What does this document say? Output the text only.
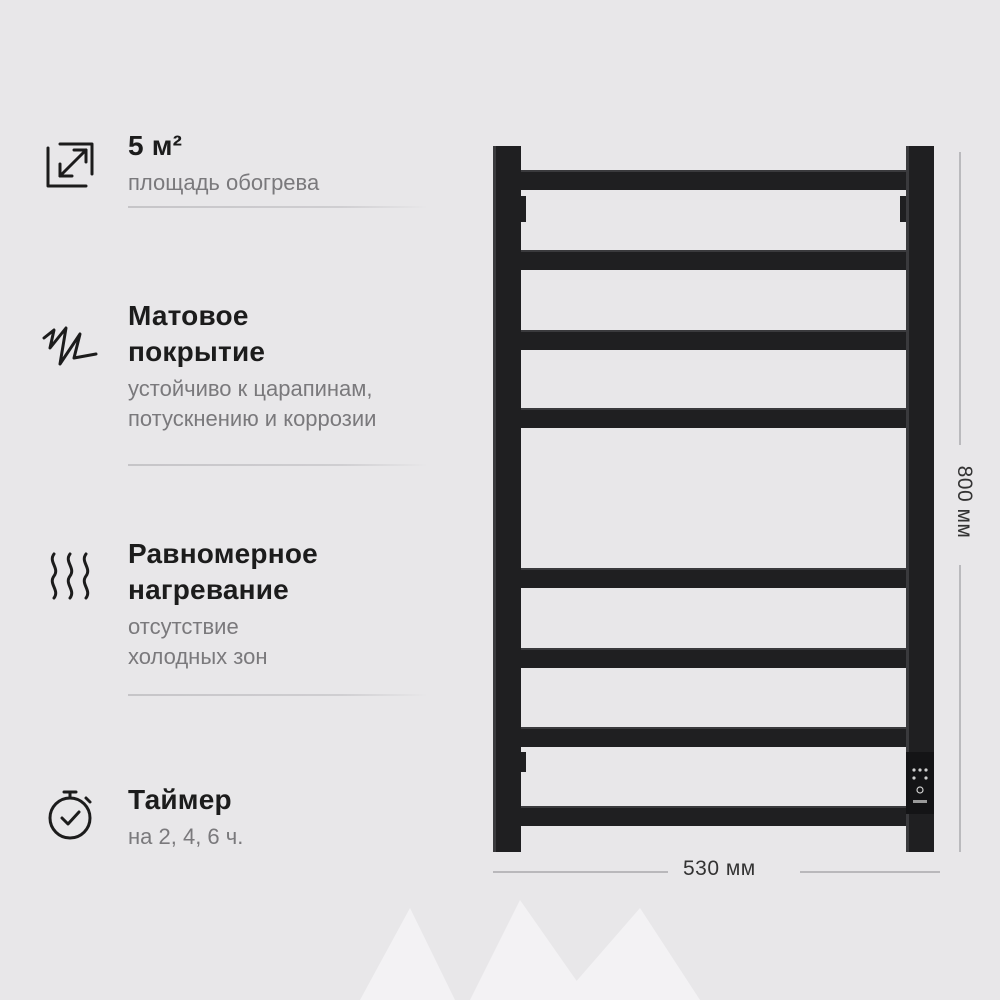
5 м²

площадь обогрева

Матовое
покрытие

устойчиво к царапинам,
потускнению и коррозии

Равномерное
нагревание

отсутствие
холодных зон

Таймер

на 2, 4, 6 ч.

530 мм
800 мм
